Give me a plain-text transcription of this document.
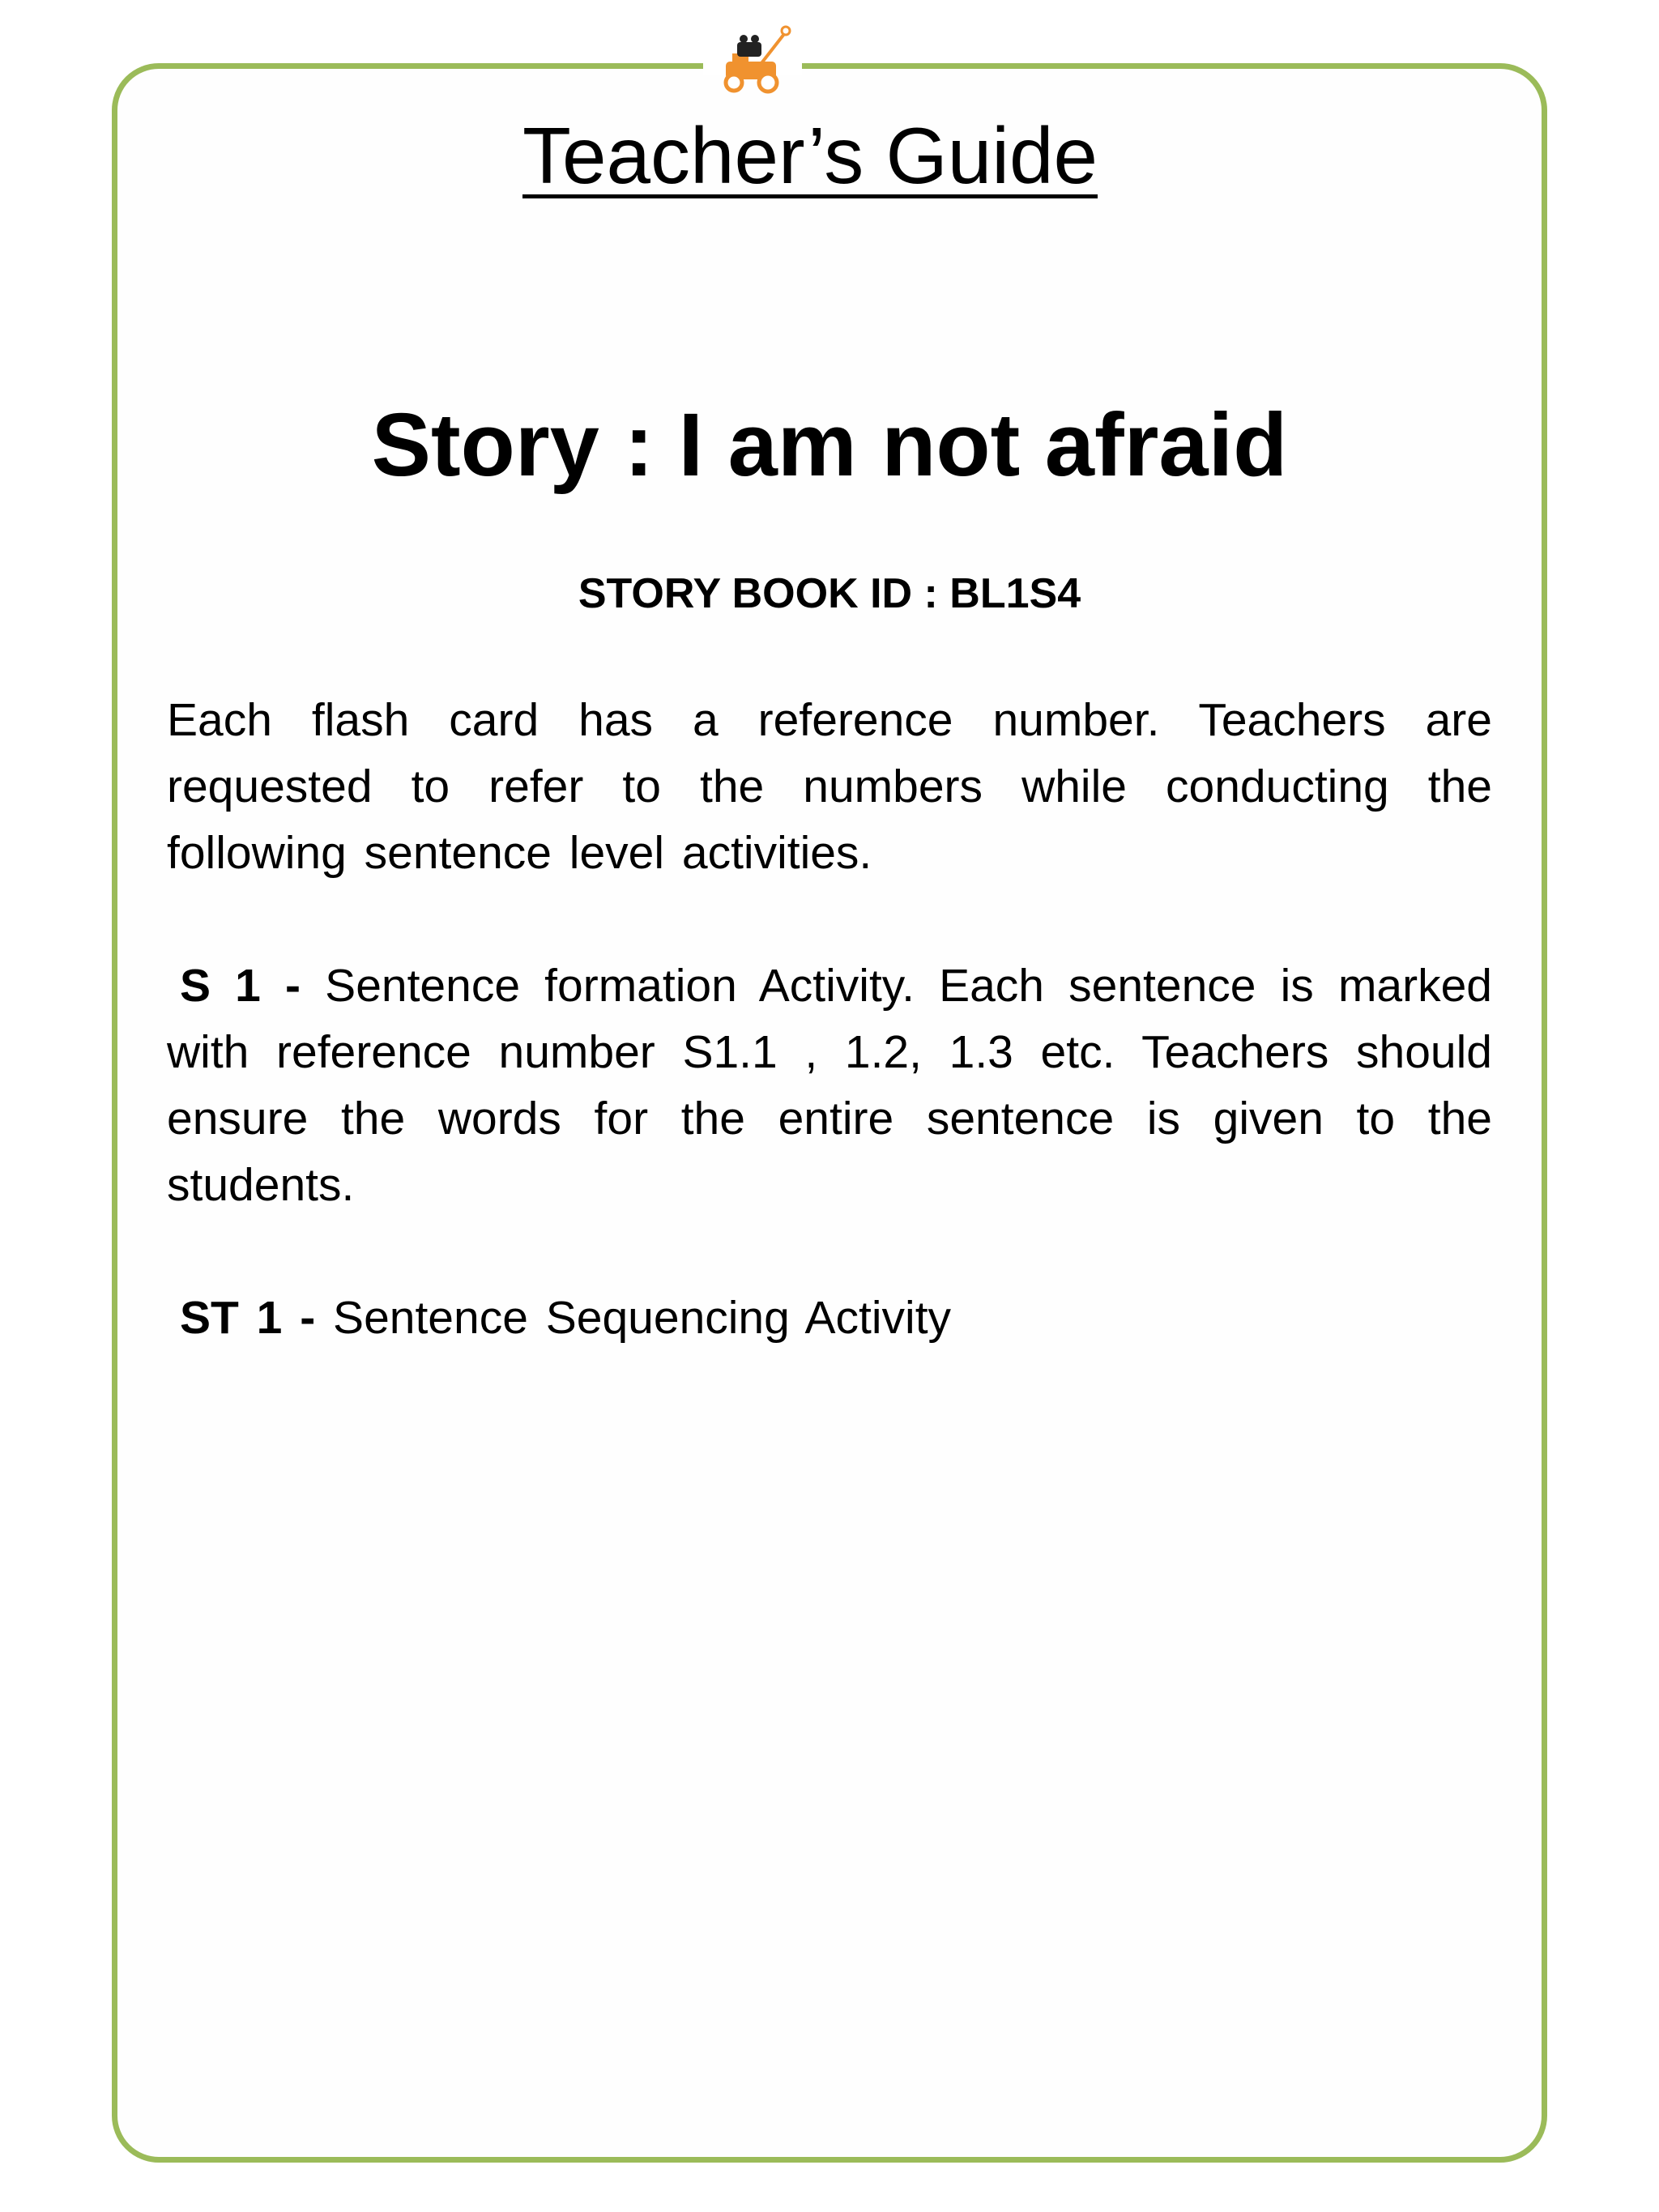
Teacher’s Guide
Story : I am not afraid
STORY BOOK ID : BL1S4
Each flash card has a reference number. Teachers are requested to refer to the numbers while conducting the following sentence level activities.
S 1 - Sentence formation Activity. Each sentence is marked with reference number S1.1 , 1.2, 1.3 etc. Teachers should ensure the words for the entire sentence is given to the students.
ST 1 - Sentence Sequencing Activity
